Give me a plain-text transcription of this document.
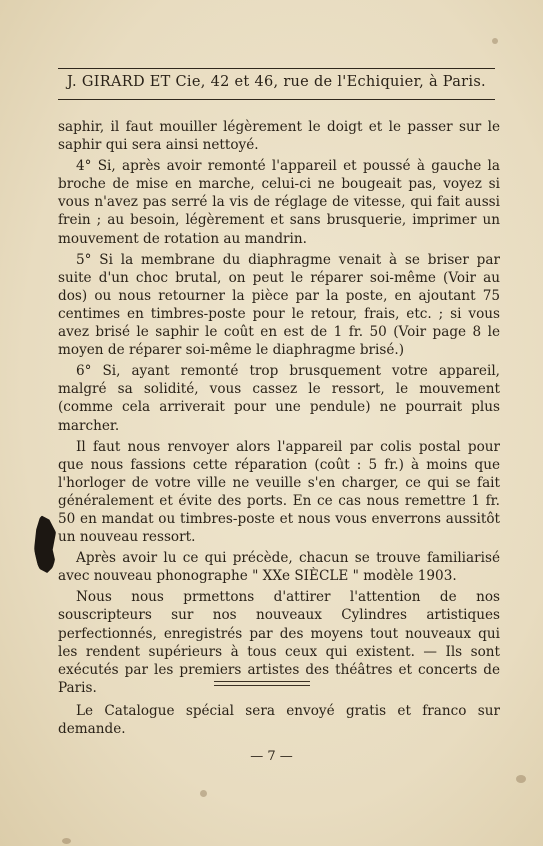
J. GIRARD ET Cie, 42 et 46, rue de l'Echiquier, à Paris.

saphir, il faut mouiller légèrement le doigt et le passer sur le saphir qui sera ainsi nettoyé.

4° Si, après avoir remonté l'appareil et poussé à gauche la broche de mise en marche, celui-ci ne bougeait pas, voyez si vous n'avez pas serré la vis de réglage de vitesse, qui fait aussi frein ; au besoin, légèrement et sans brusquerie, imprimer un mouvement de rotation au mandrin.

5° Si la membrane du diaphragme venait à se briser par suite d'un choc brutal, on peut le réparer soi-même (Voir au dos) ou nous retourner la pièce par la poste, en ajoutant 75 centimes en timbres-poste pour le retour, frais, etc. ; si vous avez brisé le saphir le coût en est de 1 fr. 50 (Voir page 8 le moyen de réparer soi-même le diaphragme brisé.)

6° Si, ayant remonté trop brusquement votre appareil, malgré sa solidité, vous cassez le ressort, le mouvement (comme cela arriverait pour une pendule) ne pourrait plus marcher.

Il faut nous renvoyer alors l'appareil par colis postal pour que nous fassions cette réparation (coût : 5 fr.) à moins que l'horloger de votre ville ne veuille s'en charger, ce qui se fait généralement et évite des ports. En ce cas nous remettre 1 fr. 50 en mandat ou timbres-poste et nous vous enverrons aussitôt un nouveau ressort.

Après avoir lu ce qui précède, chacun se trouve familiarisé avec nouveau phonographe " XXe SIÈCLE " modèle 1903.

Nous nous prmettons d'attirer l'attention de nos souscripteurs sur nos nouveaux Cylindres artistiques perfectionnés, enregistrés par des moyens tout nouveaux qui les rendent supérieurs à tous ceux qui existent. — Ils sont exécutés par les premiers artistes des théâtres et concerts de Paris.

Le Catalogue spécial sera envoyé gratis et franco sur demande.

— 7 —
